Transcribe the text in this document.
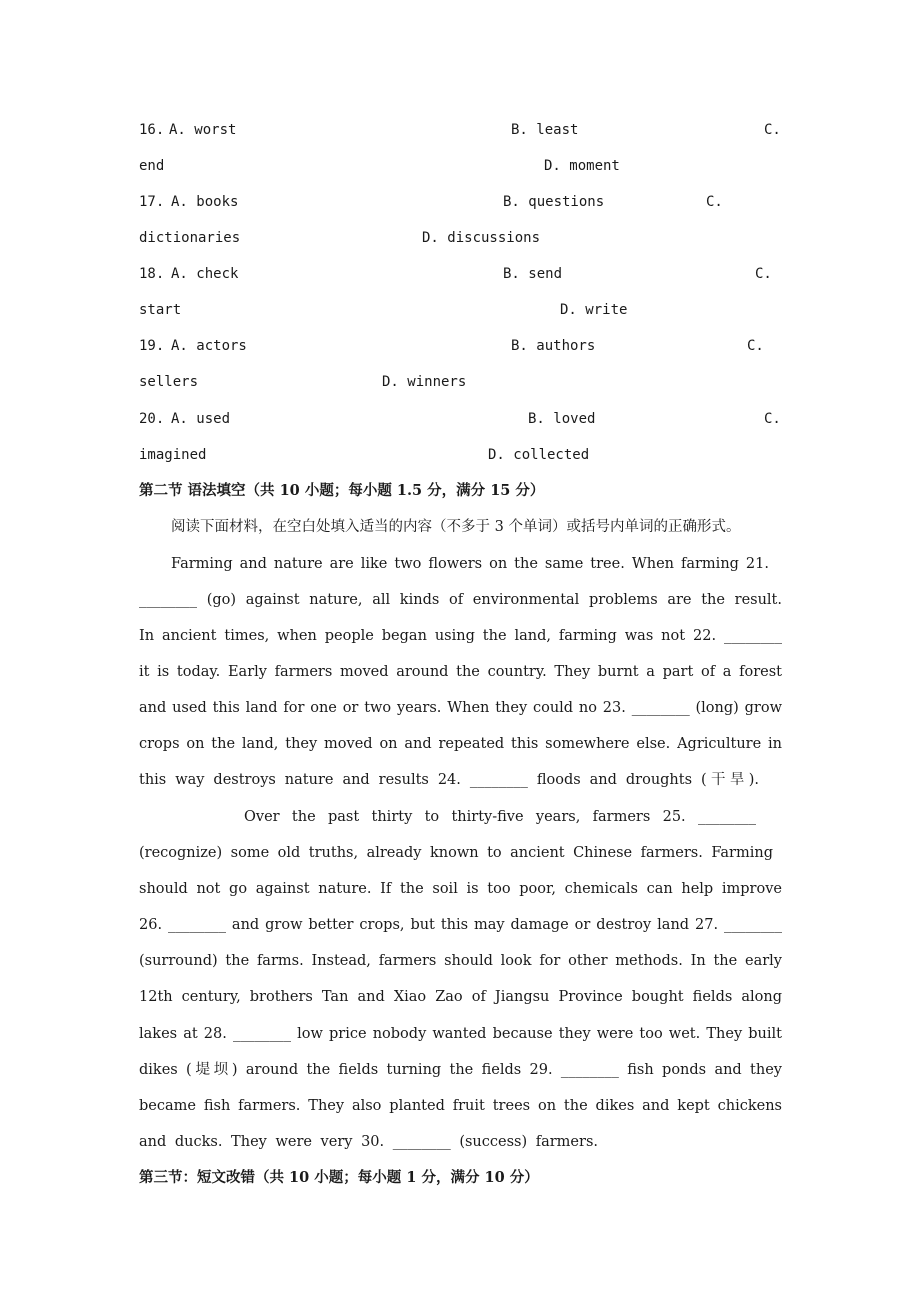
16. A. worst	B. least	C.
end	D. moment
17. A. books	B. questions	C.
dictionaries	D. discussions
18. A. check	B. send	C.
start	D. write
19. A. actors	B. authors	C.
sellers	D. winners
20. A. used	B. loved	C.
imagined	D. collected
第二节 语法填空（共 10 小题；每小题 1.5 分，满分 15 分）
阅读下面材料，在空白处填入适当的内容（不多于 3 个单词）或括号内单词的正确形式。
Farming and nature are like two flowers on the same tree. When farming 21.
________ (go) against nature, all kinds of environmental problems are the result.
In ancient times, when people began using the land, farming was not 22. ________
it is today. Early farmers moved around the country. They burnt a part of a forest
and used this land for one or two years. When they could no 23. ________ (long) grow
crops on the land, they moved on and repeated this somewhere else. Agriculture in
this way destroys nature and results 24. ________ floods and droughts (干旱).
Over the past thirty to thirty-five years, farmers 25. ________
(recognize) some old truths, already known to ancient Chinese farmers. Farming
should not go against nature. If the soil is too poor, chemicals can help improve
26. ________ and grow better crops, but this may damage or destroy land 27. ________
(surround) the farms. Instead, farmers should look for other methods. In the early
12th century, brothers Tan and Xiao Zao of Jiangsu Province bought fields along
lakes at 28. ________ low price nobody wanted because they were too wet. They built
dikes (堤坝) around the fields turning the fields 29. ________ fish ponds and they
became fish farmers. They also planted fruit trees on the dikes and kept chickens
and ducks. They were very 30. ________ (success) farmers.
第三节：短文改错（共 10 小题；每小题 1 分，满分 10 分）
